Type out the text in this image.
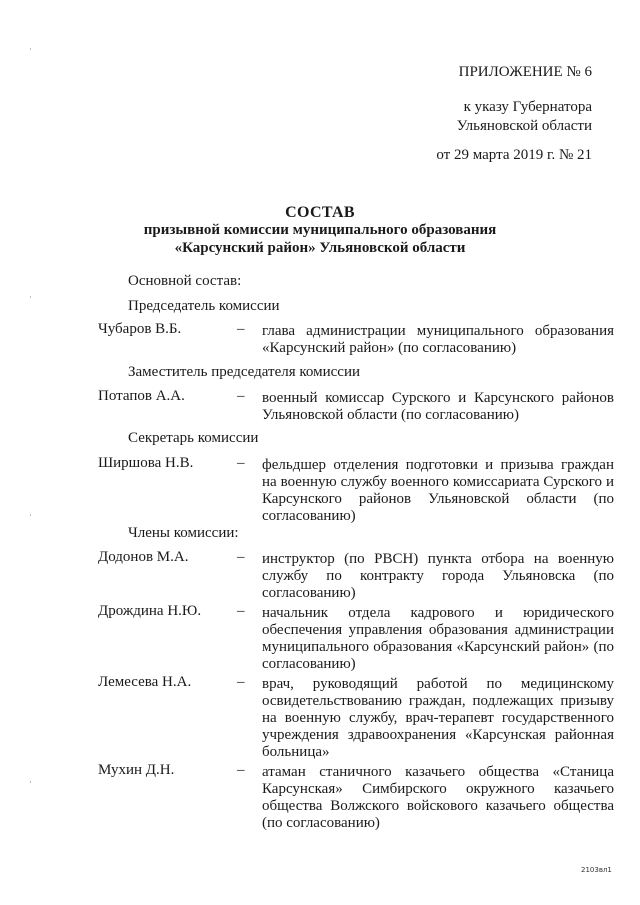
ПРИЛОЖЕНИЕ № 6
к указу Губернатора
Ульяновской области
от 29 марта 2019 г. № 21
СОСТАВ
призывной комиссии муниципального образования
«Карсунский район» Ульяновской области
Основной состав:
Председатель комиссии
Чубаров В.Б.	– глава администрации муниципального образования «Карсунский район» (по согласованию)
Заместитель председателя комиссии
Потапов А.А.	– военный комиссар Сурского и Карсунского районов Ульяновской области (по согласованию)
Секретарь комиссии
Ширшова Н.В.	– фельдшер отделения подготовки и призыва граждан на военную службу военного комиссариата Сурского и Карсунского районов Ульяновской области (по согласованию)
Члены комиссии:
Додонов М.А.	– инструктор (по РВСН) пункта отбора на военную службу по контракту города Ульяновска (по согласованию)
Дрождина Н.Ю. – начальник отдела кадрового и юридического обеспечения управления образования администрации муниципального образования «Карсунский район» (по согласованию)
Лемесева Н.А.	– врач, руководящий работой по медицинскому освидетельствованию граждан, подлежащих призыву на военную службу, врач-терапевт государственного учреждения здравоохранения «Карсунская районная больница»
Мухин Д.Н.	– атаман станичного казачьего общества «Станица Карсунская» Симбирского окружного казачьего общества Волжского войскового казачьего общества (по согласованию)
2103вл1
